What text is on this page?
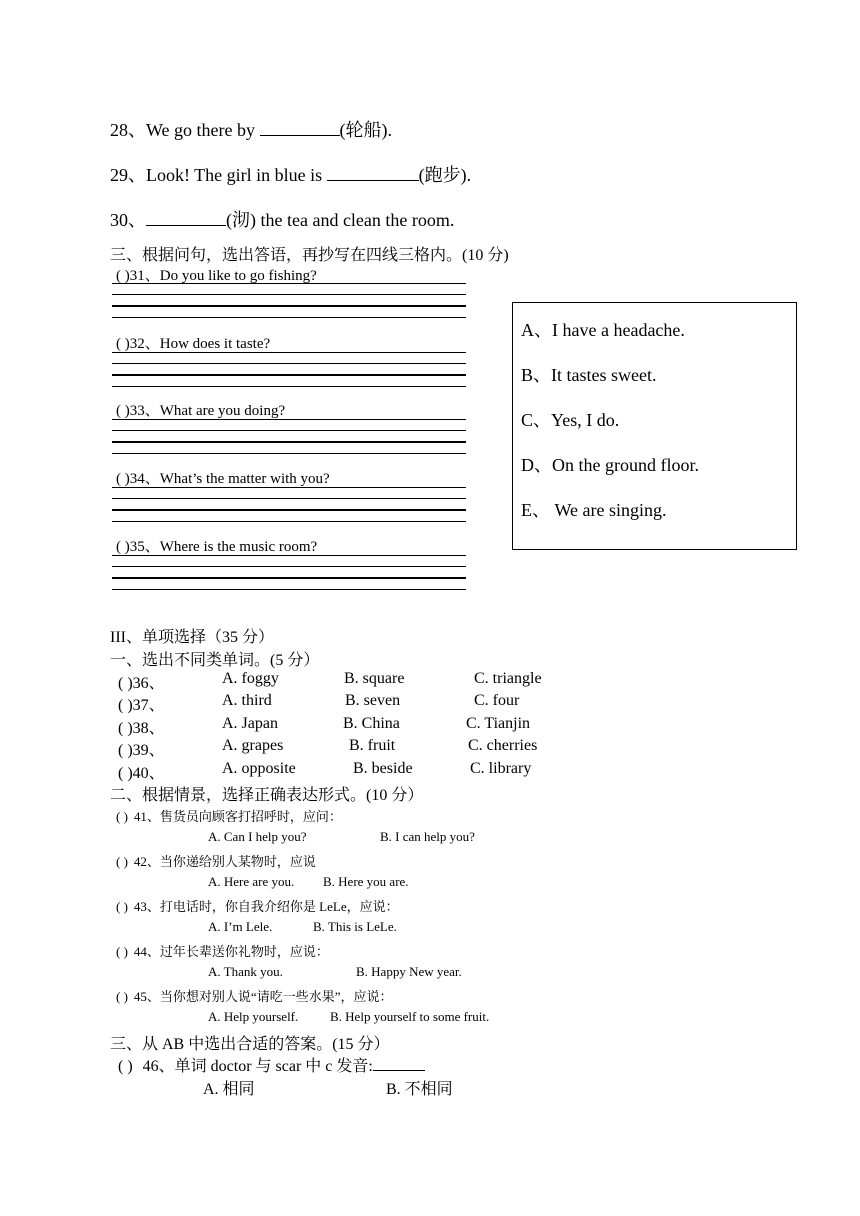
28、We go there by	(轮船).
29、Look! The girl in blue is	(跑步).
30、	(沏) the tea and clean the room.
三、根据问句，选出答语，再抄写在四线三格内。(10 分)
( )31、Do you like to go fishing?
( )32、How does it taste?
( )33、What are you doing?
( )34、What’s the matter with you?
( )35、Where is the music room?
A、I have a headache.
B、It tastes sweet.
C、Yes, I do.
D、On the ground floor.
E、 We are singing.
III、单项选择（35 分）
一、选出不同类单词。(5 分）
( )36、	A. foggy	B. square	C. triangle
( )37、	A. third	B. seven	C. four
( )38、	A. Japan	B. China	C. Tianjin
( )39、	A. grapes	B. fruit	C. cherries
( )40、	A. opposite	B. beside	C. library
二、根据情景，选择正确表达形式。(10 分）
( ) 41、售货员向顾客打招呼时，应问：
A. Can I help you?	B. I can help you?
( ) 42、当你递给别人某物时，应说
A. Here are you. B. Here you are.
( ) 43、打电话时，你自我介绍你是 LeLe，应说：
A. I’m Lele.	B. This is LeLe.
( ) 44、过年长辈送你礼物时，应说：
A. Thank you.	B. Happy New year.
( ) 45、当你想对别人说“请吃一些水果”，应说：
A. Help yourself. B. Help yourself to some fruit.
三、从 AB 中选出合适的答案。(15 分）
( ) 46、单词 doctor 与 scar 中 c 发音:
A. 相同	B. 不相同
